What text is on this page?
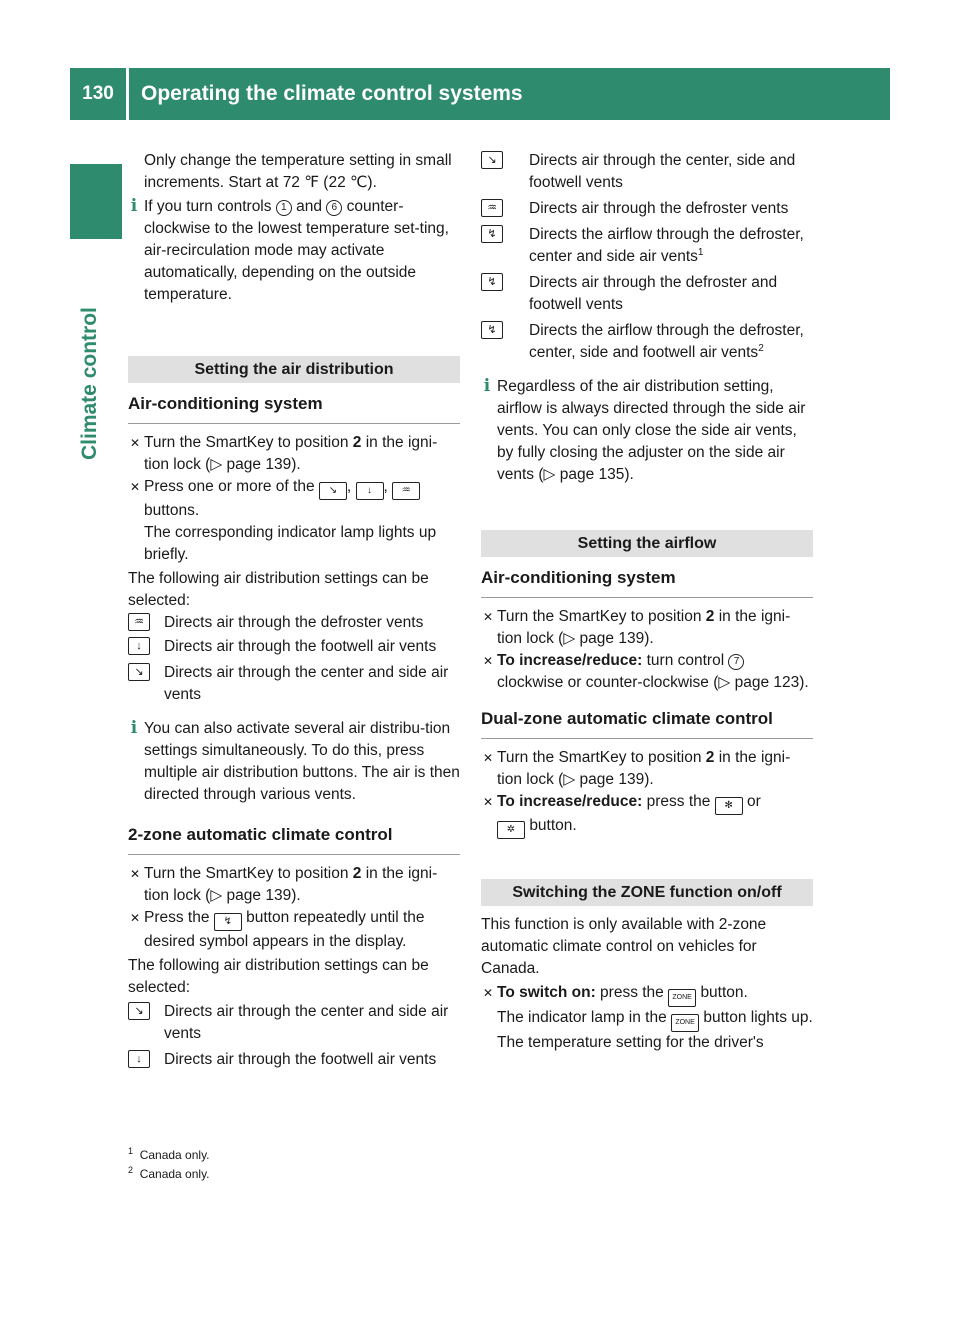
130	Operating the climate control systems
Climate control

Only change the temperature setting in small increments. Start at 72 ℉ (22 ℃).

i If you turn controls 1 and 6 counter-clockwise to the lowest temperature set-ting, air-recirculation mode may activate automatically, depending on the outside temperature.
Setting the air distribution
Air-conditioning system
✕ Turn the SmartKey to position 2 in the igni-tion lock (▷ page 139).
✕ Press one or more of the ↘ , ↓ , ♒ buttons.
The corresponding indicator lamp lights up briefly.

The following air distribution settings can be selected:

♒	Directs air through the defroster vents
↓	Directs air through the footwell air vents
↘	Directs air through the center and side air vents
i You can also activate several air distribu-tion settings simultaneously. To do this, press multiple air distribution buttons. The air is then directed through various vents.
2-zone automatic climate control
✕ Turn the SmartKey to position 2 in the igni-tion lock (▷ page 139).
✕ Press the ↯ button repeatedly until the desired symbol appears in the display.

The following air distribution settings can be selected:

↘	Directs air through the center and side air vents
↓	Directs air through the footwell air vents
$^1$ Canada only.
$^2$ Canada only.
↘	Directs air through the center, side and footwell vents
♒	Directs air through the defroster vents
↯	Directs the airflow through the defroster, center and side air vents$^1$
↯	Directs air through the defroster and footwell vents
↯	Directs the airflow through the defroster, center, side and footwell air vents$^2$
i Regardless of the air distribution setting, airflow is always directed through the side air vents. You can only close the side air vents, by fully closing the adjuster on the side air vents (▷ page 135).
Setting the airflow
Air-conditioning system
✕ Turn the SmartKey to position 2 in the igni-tion lock (▷ page 139).
✕ To increase/reduce: turn control 7 clockwise or counter-clockwise (▷ page 123).
Dual-zone automatic climate control
✕ Turn the SmartKey to position 2 in the igni-tion lock (▷ page 139).
✕ To increase/reduce: press the ✻ or
✲ button.
Switching the ZONE function on/off

This function is only available with 2-zone automatic climate control on vehicles for Canada.

✕ To switch on: press the ZONE button.
The indicator lamp in the ZONE button lights up. The temperature setting for the driver's
